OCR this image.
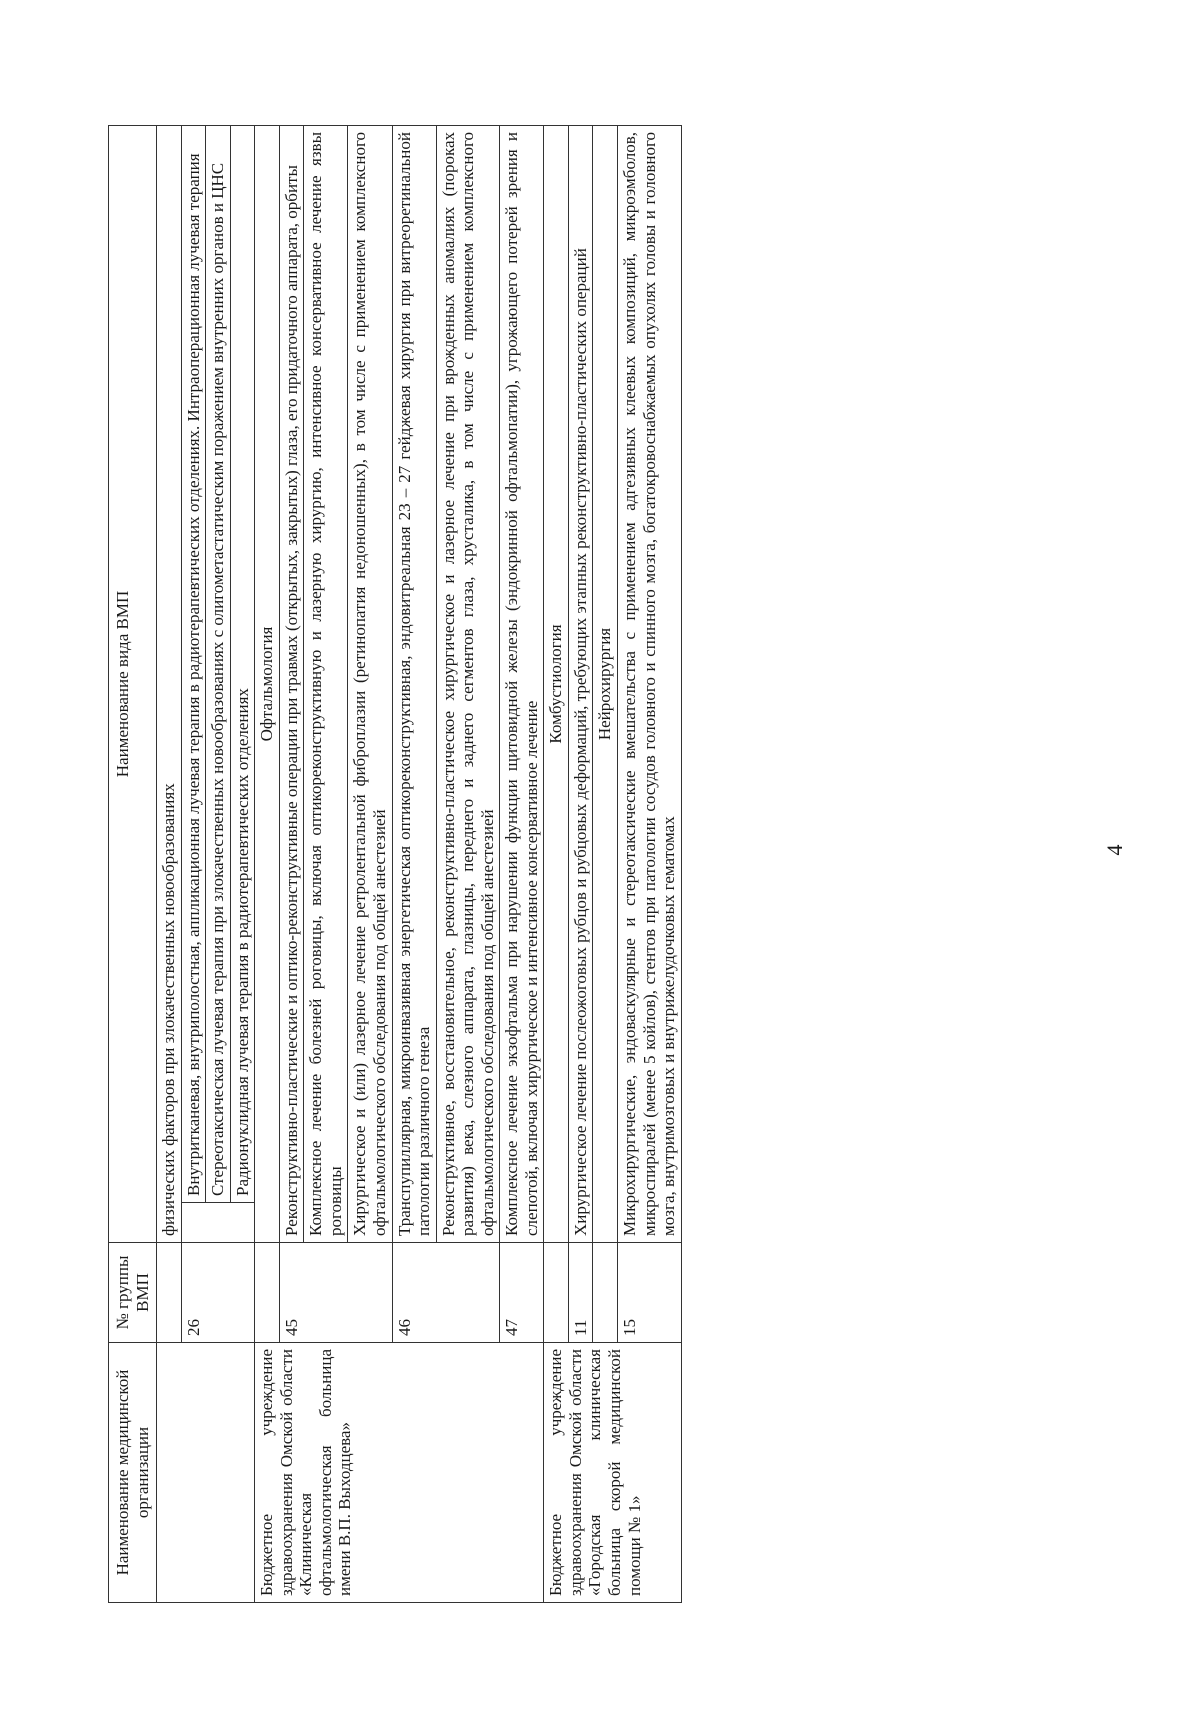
4
Наименование медицинской организации	№ группы ВМП	Наименование вида ВМП	
		физических факторов при злокачественных новообразованиях	
	26		Внутритканевая, внутриполостная, аппликационная лучевая терапия в радиотерапевтических отделениях. Интраоперационная лучевая терапия
			Стереотаксическая лучевая терапия при злокачественных новообразованиях с олигометастатическим поражением внутренних органов и ЦНС
			Радионуклидная лучевая терапия в радиотерапевтических отделениях
Бюджетное учреждение здравоохранения Омской области «Клиническая офтальмологическая больница имени В.П. Выходцева»		Офтальмология	
	45	Реконструктивно-пластические и оптико-реконструктивные операции при травмах (открытых, закрытых) глаза, его придаточного аппарата, орбиты	
		Комплексное лечение болезней роговицы, включая оптикореконструктивную и лазерную хирургию, интенсивное консервативное лечение язвы роговицы	
		Хирургическое и (или) лазерное лечение ретролентальной фиброплазии (ретинопатия недоношенных), в том числе с применением комплексного офтальмологического обследования под общей анестезией	
	46	Транспупиллярная, микроинвазивная энергетическая оптикореконструктивная, эндовитреальная 23 – 27 гейджевая хирургия при витреоретинальной патологии различного генеза	
		Реконструктивное, восстановительное, реконструктивно-пластическое хирургическое и лазерное лечение при врожденных аномалиях (пороках развития) века, слезного аппарата, глазницы, переднего и заднего сегментов глаза, хрусталика, в том числе с применением комплексного офтальмологического обследования под общей анестезией	
	47	Комплексное лечение экзофтальма при нарушении функции щитовидной железы (эндокринной офтальмопатии), угрожающего потерей зрения и слепотой, включая хирургическое и интенсивное консервативное лечение	
Бюджетное учреждение здравоохранения Омской области «Городская клиническая больница скорой медицинской помощи № 1»		Комбустиология	
	11	Хирургическое лечение послеожоговых рубцов и рубцовых деформаций, требующих этапных реконструктивно-пластических операций	
		Нейрохирургия	
	15	Микрохирургические, эндоваскулярные и стереотаксические вмешательства с применением адгезивных клеевых композиций, микроэмболов, микроспиралей (менее 5 койлов), стентов при патологии сосудов головного и спинного мозга, богатокровоснабжаемых опухолях головы и головного мозга, внутримозговых и внутрижелудочковых гематомах	
